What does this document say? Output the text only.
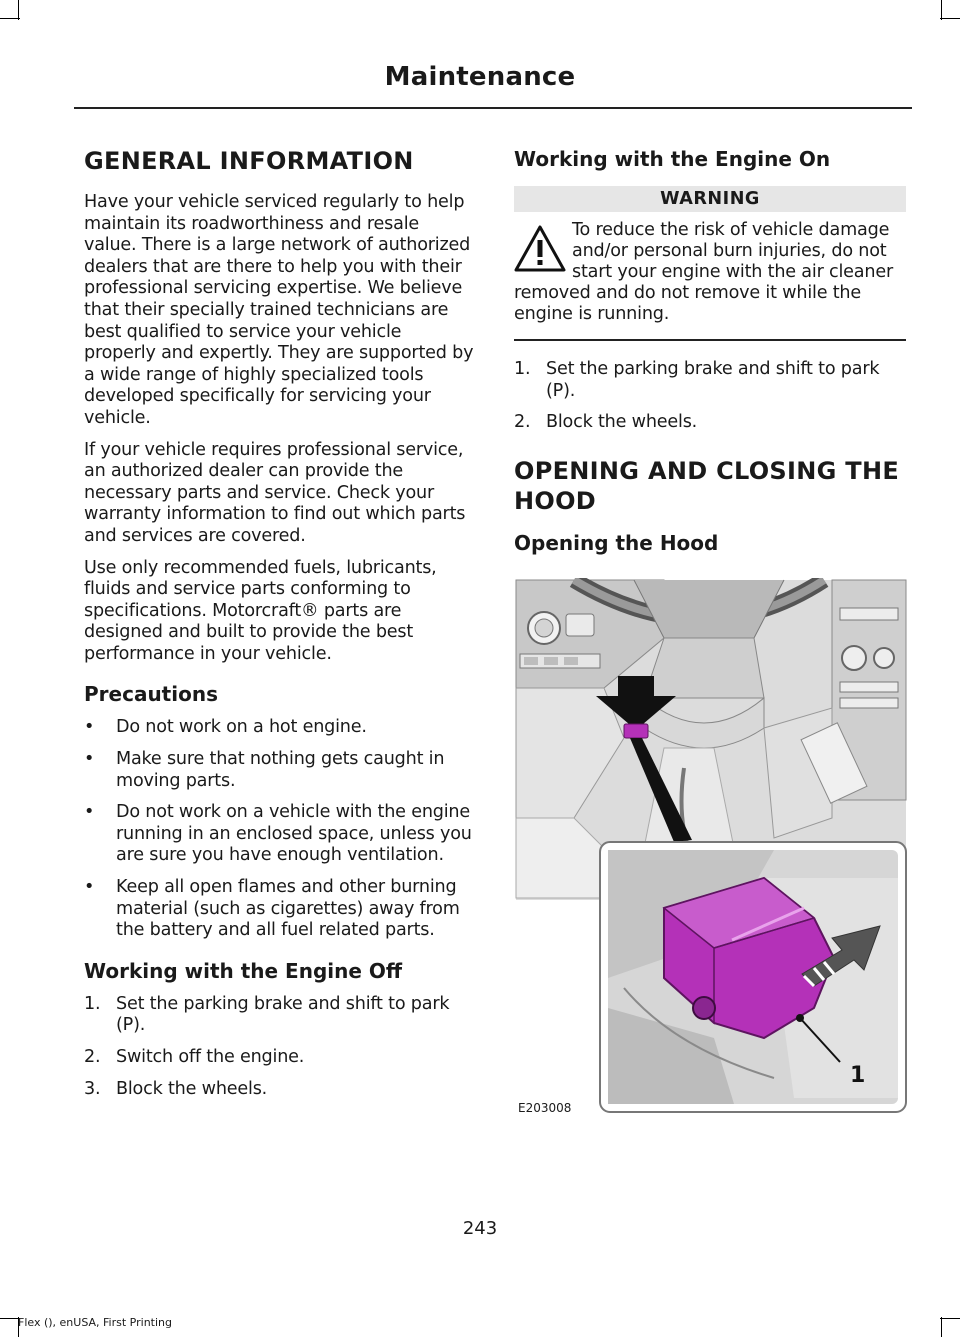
Maintenance
GENERAL INFORMATION

Have your vehicle serviced regularly to help maintain its roadworthiness and resale value. There is a large network of authorized dealers that are there to help you with their professional servicing expertise. We believe that their specially trained technicians are best qualified to service your vehicle properly and expertly. They are supported by a wide range of highly specialized tools developed specifically for servicing your vehicle.

If your vehicle requires professional service, an authorized dealer can provide the necessary parts and service. Check your warranty information to find out which parts and services are covered.

Use only recommended fuels, lubricants, fluids and service parts conforming to specifications. Motorcraft® parts are designed and built to provide the best performance in your vehicle.

Precautions
• Do not work on a hot engine.
• Make sure that nothing gets caught in moving parts.
• Do not work on a vehicle with the engine running in an enclosed space, unless you are sure you have enough ventilation.
• Keep all open flames and other burning material (such as cigarettes) away from the battery and all fuel related parts.
Working with the Engine Off
1. Set the parking brake and shift to park (P).
2. Switch off the engine.
3. Block the wheels.
Working with the Engine On
WARNING
To reduce the risk of vehicle damage and/or personal burn injuries, do not start your engine with the air cleaner removed and do not remove it while the engine is running.
1. Set the parking brake and shift to park (P).
2. Block the wheels.
OPENING AND CLOSING THE
HOOD
Opening the Hood
1
E203008
243
Flex (), enUSA, First Printing
